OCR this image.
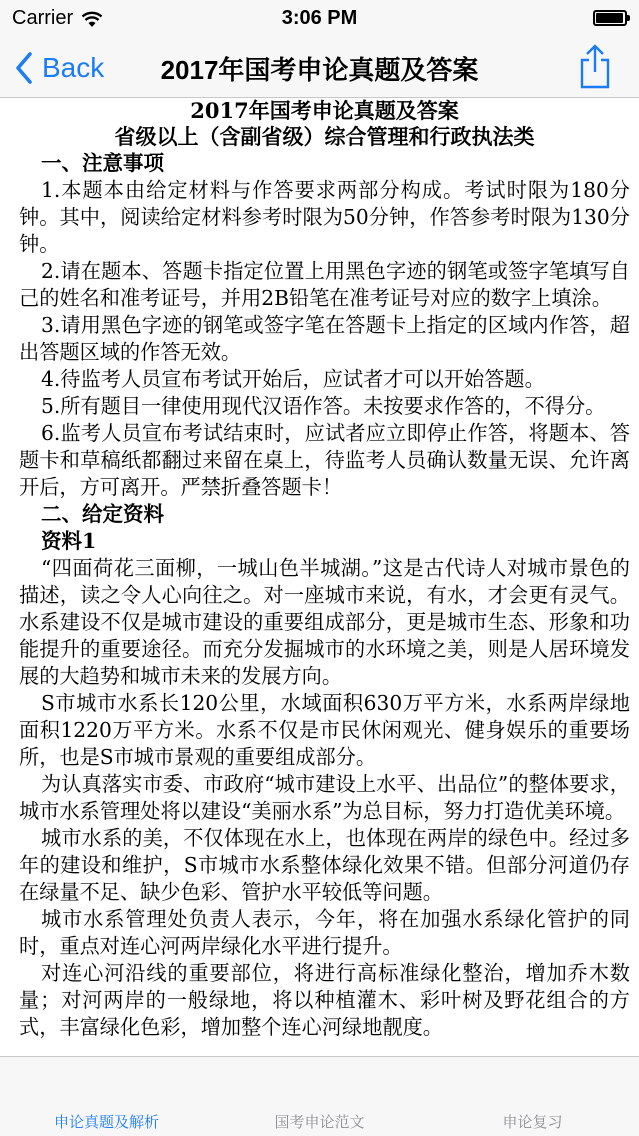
Carrier	3:06 PM
Back	2017年国考申论真题及答案
2017年国考申论真题及答案
省级以上（含副省级）综合管理和行政执法类
一、注意事项

1.本题本由给定材料与作答要求两部分构成。考试时限为180分钟。其中，阅读给定材料参考时限为50分钟，作答参考时限为130分钟。

2.请在题本、答题卡指定位置上用黑色字迹的钢笔或签字笔填写自己的姓名和准考证号，并用2B铅笔在准考证号对应的数字上填涂。

3.请用黑色字迹的钢笔或签字笔在答题卡上指定的区域内作答，超出答题区域的作答无效。

4.待监考人员宣布考试开始后，应试者才可以开始答题。

5.所有题目一律使用现代汉语作答。未按要求作答的，不得分。

6.监考人员宣布考试结束时，应试者应立即停止作答，将题本、答题卡和草稿纸都翻过来留在桌上，待监考人员确认数量无误、允许离开后，方可离开。严禁折叠答题卡！

二、给定资料
资料1

“四面荷花三面柳，一城山色半城湖。”这是古代诗人对城市景色的描述，读之令人心向往之。对一座城市来说，有水，才会更有灵气。水系建设不仅是城市建设的重要组成部分，更是城市生态、形象和功能提升的重要途径。而充分发掘城市的水环境之美，则是人居环境发展的大趋势和城市未来的发展方向。

S市城市水系长120公里，水域面积630万平方米，水系两岸绿地面积1220万平方米。水系不仅是市民休闲观光、健身娱乐的重要场所，也是S市城市景观的重要组成部分。

为认真落实市委、市政府“城市建设上水平、出品位”的整体要求，城市水系管理处将以建设“美丽水系”为总目标，努力打造优美环境。

城市水系的美，不仅体现在水上，也体现在两岸的绿色中。经过多年的建设和维护，S市城市水系整体绿化效果不错。但部分河道仍存在绿量不足、缺少色彩、管护水平较低等问题。

城市水系管理处负责人表示，今年，将在加强水系绿化管护的同时，重点对连心河两岸绿化水平进行提升。

对连心河沿线的重要部位，将进行高标准绿化整治，增加乔木数量；对河两岸的一般绿地，将以种植灌木、彩叶树及野花组合的方式，丰富绿化色彩，增加整个连心河绿地靓度。

申论真题及解析	国考申论范文	申论复习
